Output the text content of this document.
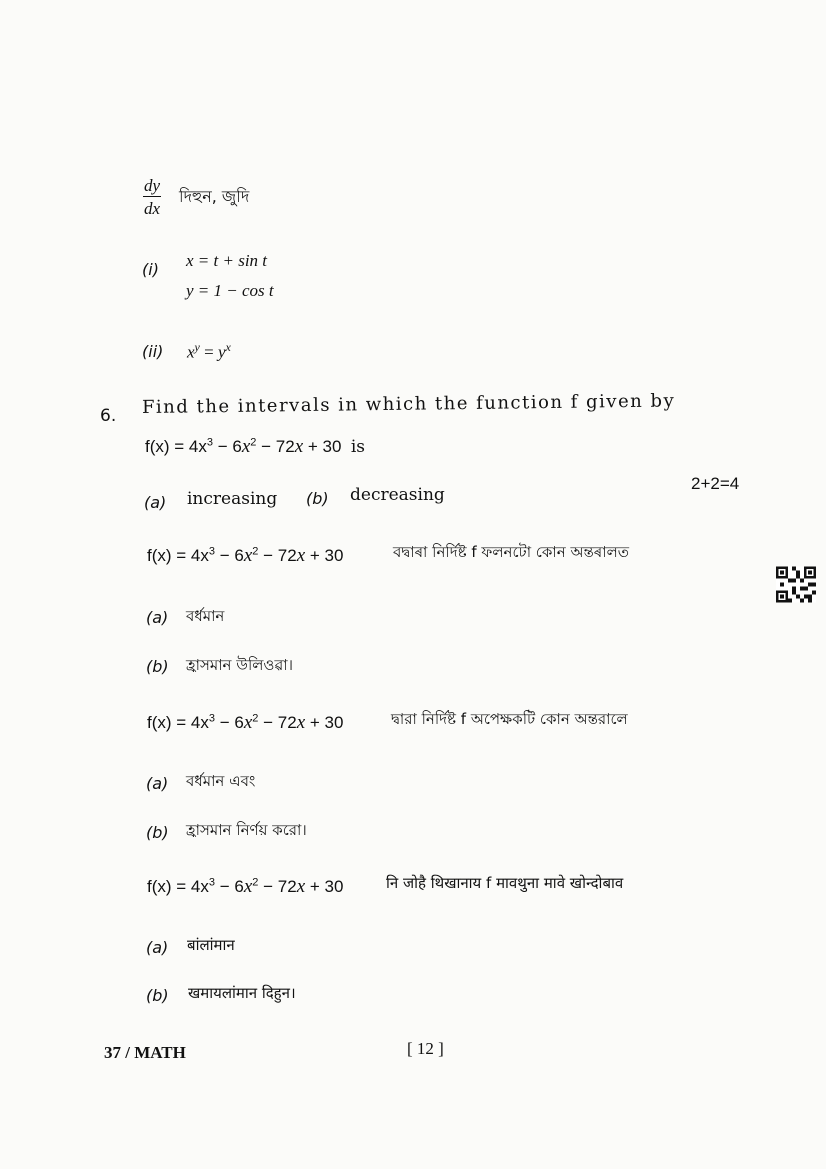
$\frac{dy}{dx}$ দিহুন, জুদি
(i) x = t + sin t
y = 1 − cos t
(ii) $x^y = y^x$
6. Find the intervals in which the function f given by
$f(x) = 4x^3 - 6x^2 - 72x + 30$  is
2+2=4
(a) increasing (b) decreasing
$f(x) = 4x^3 - 6x^2 - 72x + 30$	বদ্বাৰা নিৰ্দিষ্ট f ফলনটো কোন অন্তৰালত
(a) বৰ্ধমান
(b) হ্ৰাসমান উলিওৱা।
$f(x) = 4x^3 - 6x^2 - 72x + 30$	দ্বারা নির্দিষ্ট f অপেক্ষকটি কোন অন্তরালে
(a) বর্ধমান এবং
(b) হ্রাসমান নির্ণয় করো।
$f(x) = 4x^3 - 6x^2 - 72x + 30$	नि जोहै थिखानाय f मावथुना मावे खोन्दोबाव
(a) बांलांमान
(b) खमायलांमान दिहुन।
37 / MATH	[ 12 ]
